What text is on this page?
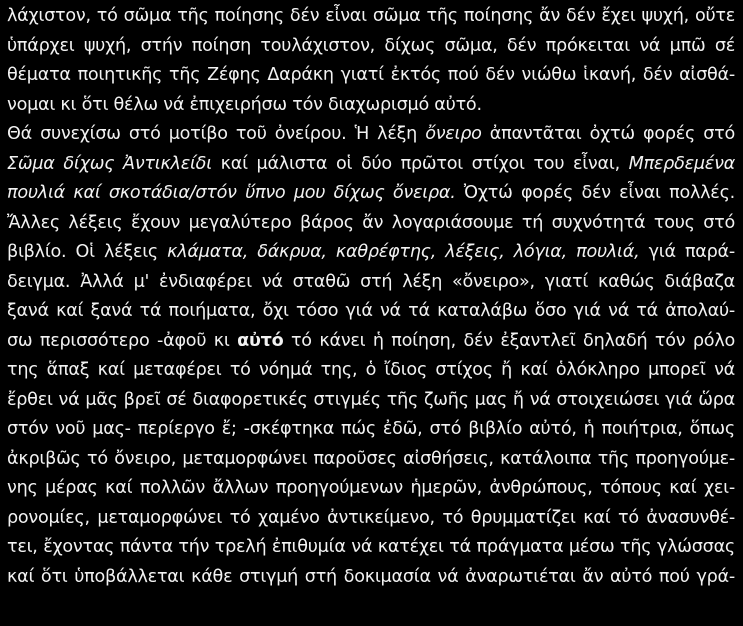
λάχιστον, τό σῶμα τῆς ποίησης δέν εἶναι σῶμα τῆς ποίησης ἄν δέν ἔχει ψυχή, οὔτε
ὑπάρχει ψυχή, στήν ποίηση τουλάχιστον, δίχως σῶμα, δέν πρόκειται νά μπῶ σέ
θέματα ποιητικῆς τῆς Ζέφης Δαράκη γιατί ἐκτός πού δέν νιώθω ἱκανή, δέν αἰσθά-
νομαι κι ὅτι θέλω νά ἐπιχειρήσω τόν διαχωρισμό αὐτό.
Θά συνεχίσω στό μοτίβο τοῦ ὀνείρου. Ἡ λέξη ὄνειρο ἀπαντᾶται ὀχτώ φορές στό
Σῶμα δίχως Ἀντικλείδι καί μάλιστα οἱ δύο πρῶτοι στίχοι του εἶναι, Μπερδεμένα
πουλιά καί σκοτάδια/στόν ὕπνο μου δίχως ὄνειρα. Ὀχτώ φορές δέν εἶναι πολλές.
Ἄλλες λέξεις ἔχουν μεγαλύτερο βάρος ἄν λογαριάσουμε τή συχνότητά τους στό
βιβλίο. Οἱ λέξεις κλάματα, δάκρυα, καθρέφτης, λέξεις, λόγια, πουλιά, γιά παρά-
δειγμα. Ἀλλά μ' ἐνδιαφέρει νά σταθῶ στή λέξη «ὄνειρο», γιατί καθώς διάβαζα
ξανά καί ξανά τά ποιήματα, ὄχι τόσο γιά νά τά καταλάβω ὅσο γιά νά τά ἀπολαύ-
σω περισσότερο -ἀφοῦ κι αὐτό τό κάνει ἡ ποίηση, δέν ἐξαντλεῖ δηλαδή τόν ρόλο
της ἅπαξ καί μεταφέρει τό νόημά της, ὁ ἴδιος στίχος ἤ καί ὁλόκληρο μπορεῖ νά
ἔρθει νά μᾶς βρεῖ σέ διαφορετικές στιγμές τῆς ζωῆς μας ἤ νά στοιχειώσει γιά ὥρα
στόν νοῦ μας- περίεργο ἔ; -σκέφτηκα πώς ἐδῶ, στό βιβλίο αὐτό, ἡ ποιήτρια, ὅπως
ἀκριβῶς τό ὄνειρο, μεταμορφώνει παροῦσες αἰσθήσεις, κατάλοιπα τῆς προηγούμε-
νης μέρας καί πολλῶν ἄλλων προηγούμενων ἡμερῶν, ἀνθρώπους, τόπους καί χει-
ρονομίες, μεταμορφώνει τό χαμένο ἀντικείμενο, τό θρυμματίζει καί τό ἀνασυνθέ-
τει, ἔχοντας πάντα τήν τρελή ἐπιθυμία νά κατέχει τά πράγματα μέσω τῆς γλώσσας
καί ὅτι ὑποβάλλεται κάθε στιγμή στή δοκιμασία νά ἀναρωτιέται ἄν αὐτό πού γρά-
